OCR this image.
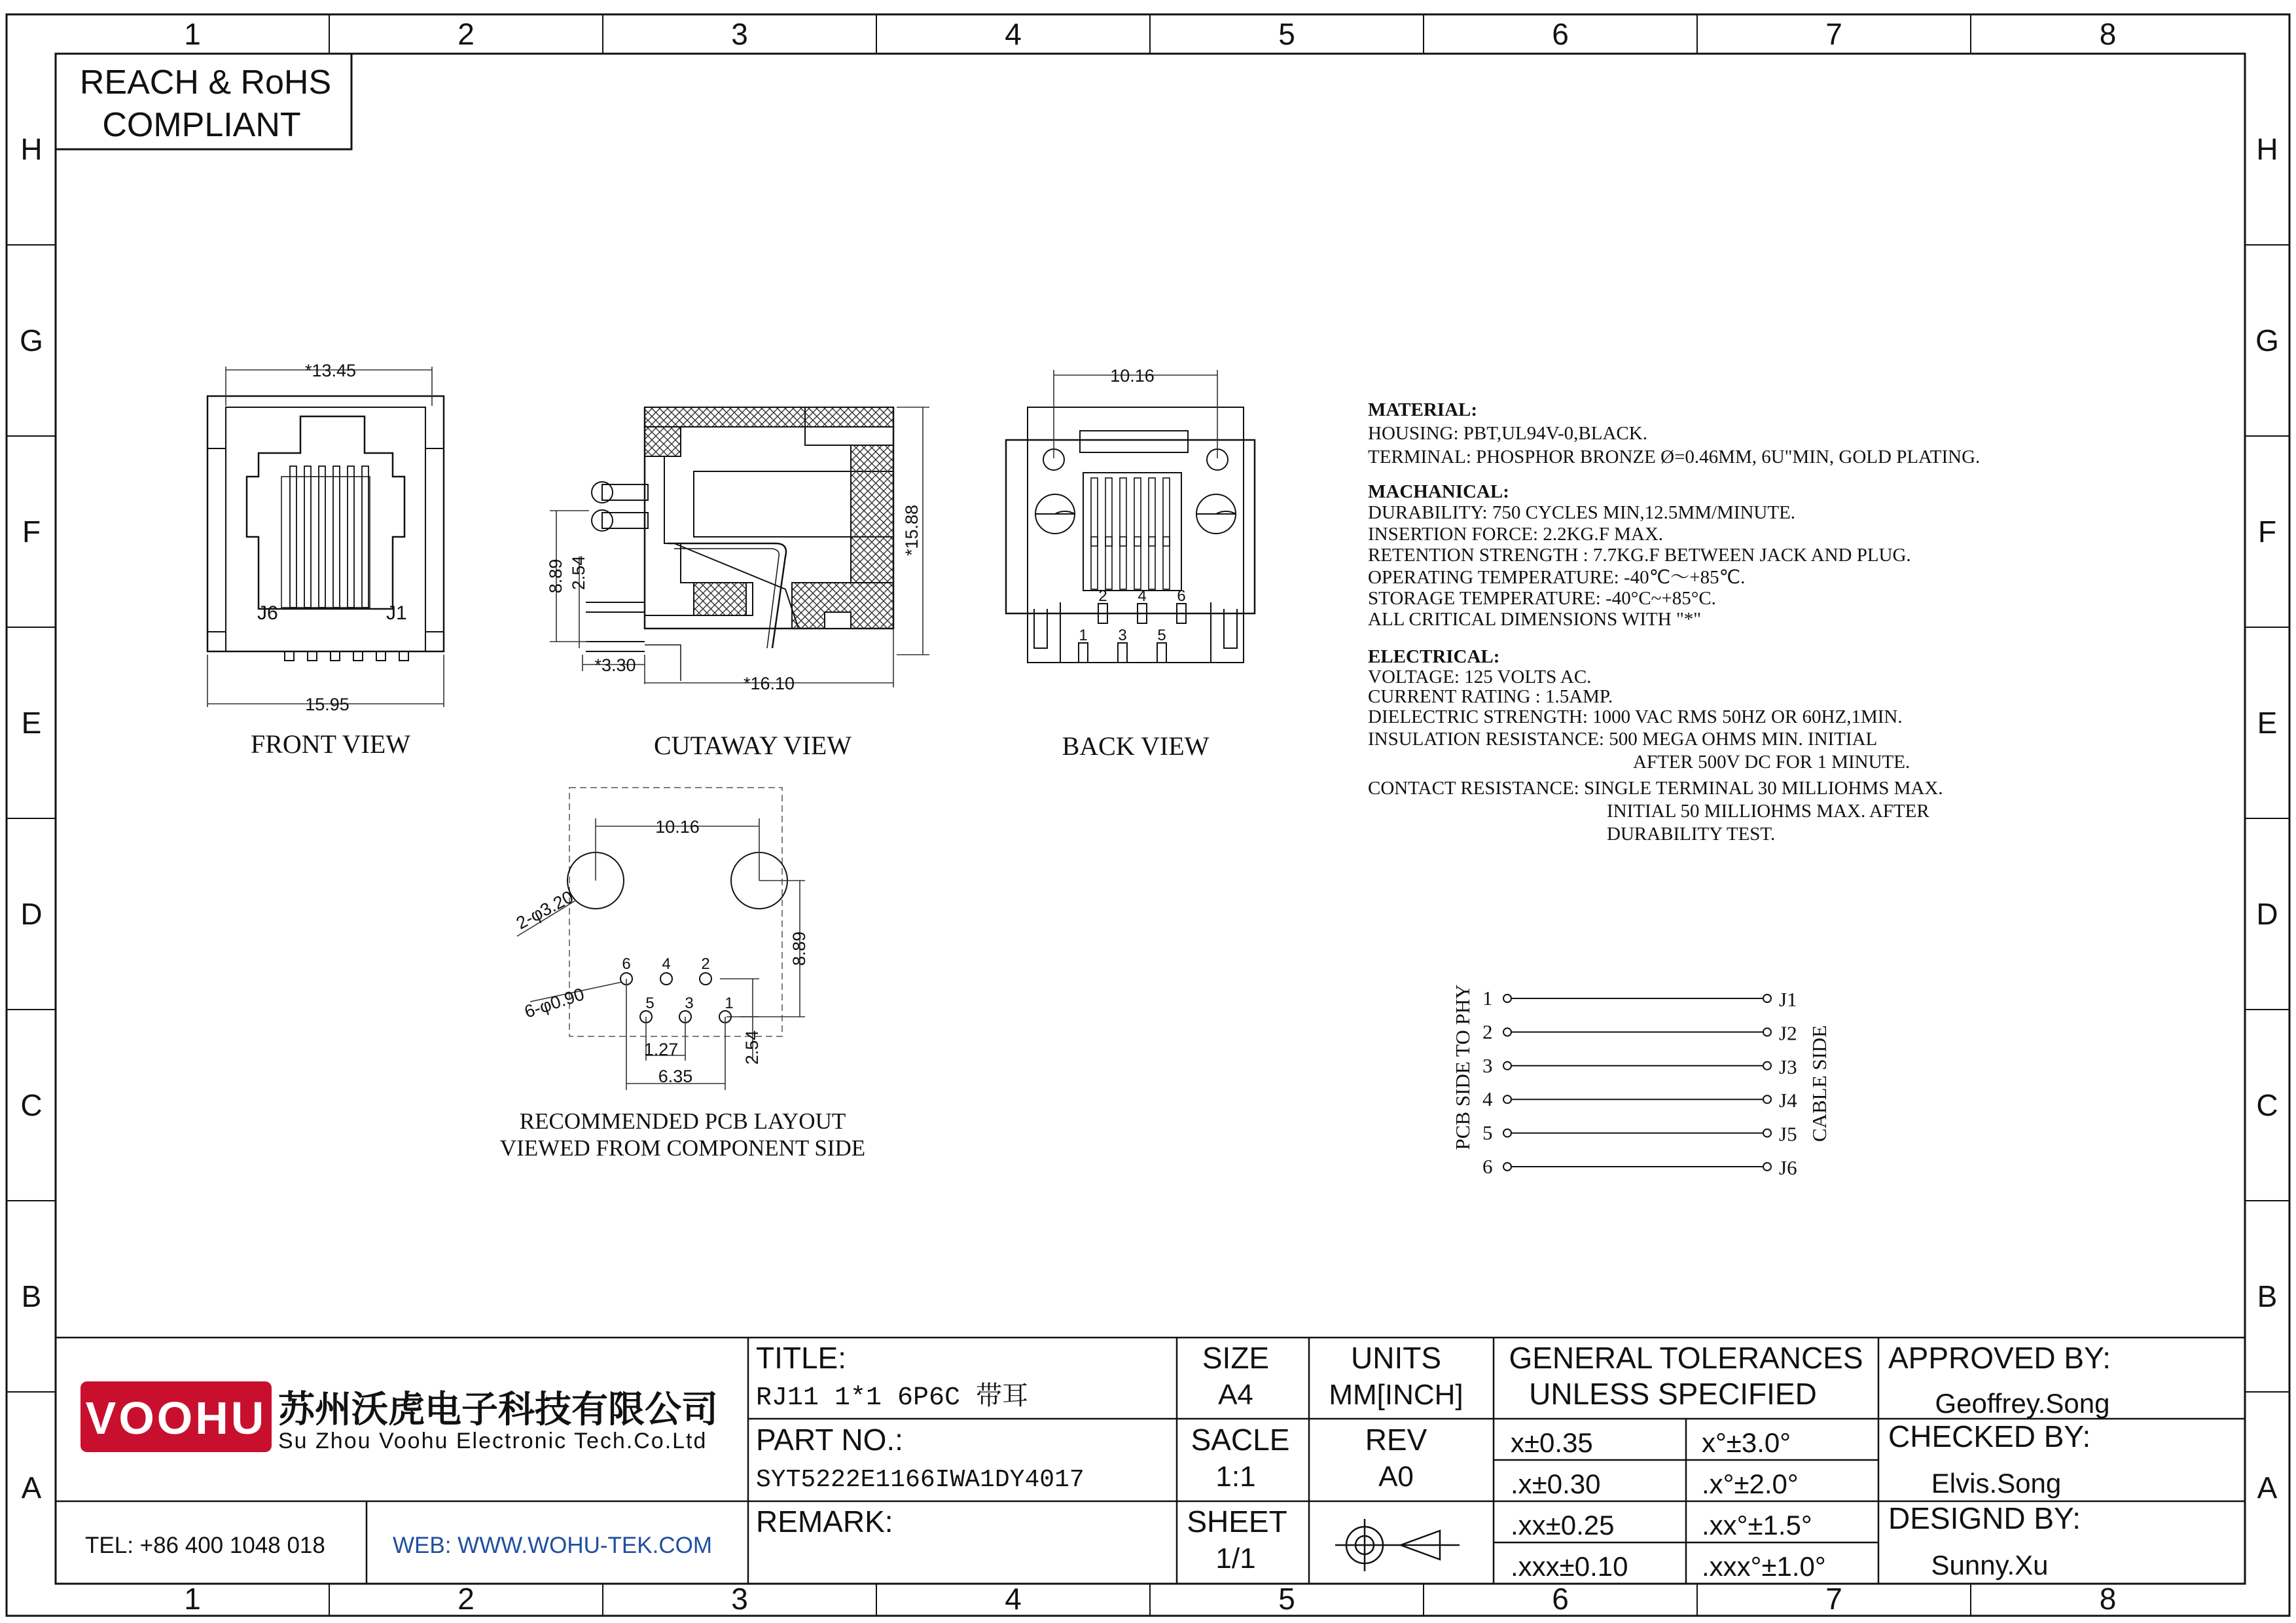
1
1
2
2
3
3
4
4
5
5
6
6
7
7
8
8
H	H
G	G
F	F
E	E
D	D
C	C
B	B
A	A
REACH & RoHS
COMPLIANT
J6	J1
*13.45
15.95
FRONT VIEW
*15.88
8.89 2.54
*3.30
*16.10
CUTAWAY VIEW
2 4 6
1 3 5
10.16
BACK VIEW
10.16
8.89
2-φ3.20
6-φ0.90
6 4 2
5 3 1
1.27
6.35
2.54
RECOMMENDED PCB LAYOUT
VIEWED FROM COMPONENT SIDE
MATERIAL:
HOUSING: PBT,UL94V-0,BLACK.
TERMINAL: PHOSPHOR BRONZE Ø=0.46MM, 6U"MIN, GOLD PLATING.
MACHANICAL:
DURABILITY: 750 CYCLES MIN,12.5MM/MINUTE.
INSERTION FORCE: 2.2KG.F MAX.
RETENTION STRENGTH : 7.7KG.F BETWEEN JACK AND PLUG.
OPERATING TEMPERATURE: -40℃～+85℃.
STORAGE TEMPERATURE: -40°C~+85°C.
ALL CRITICAL DIMENSIONS WITH "*"
ELECTRICAL:
VOLTAGE: 125 VOLTS AC.
CURRENT RATING : 1.5AMP.
DIELECTRIC STRENGTH: 1000 VAC RMS 50HZ OR 60HZ,1MIN.
INSULATION RESISTANCE: 500 MEGA OHMS MIN. INITIAL
AFTER 500V DC FOR 1 MINUTE.
CONTACT RESISTANCE: SINGLE TERMINAL 30 MILLIOHMS MAX.
INITIAL 50 MILLIOHMS MAX. AFTER
DURABILITY TEST.
PCB SIDE TO PHY	CABLE SIDE
1	J1
2	J2
3	J3
4	J4
5	J5
6	J6
VOOHU 苏州沃虎电子科技有限公司
Su Zhou Voohu Electronic Tech.Co.Ltd
TEL: +86 400 1048 018	WEB: WWW.WOHU-TEK.COM
TITLE:
RJ11 1*1 6P6C 带耳
PART NO.:
SYT5222E1166IWA1DY4017
REMARK:
SIZE
A4
SACLE
1:1
SHEET
1/1
UNITS
MM[INCH]
REV
A0
GENERAL TOLERANCES
UNLESS SPECIFIED
x±0.35	x°±3.0°
.x±0.30	.x°±2.0°
.xx±0.25	.xx°±1.5°
.xxx±0.10	.xxx°±1.0°
APPROVED BY:
Geoffrey.Song
CHECKED BY:
Elvis.Song
DESIGND BY:
Sunny.Xu
